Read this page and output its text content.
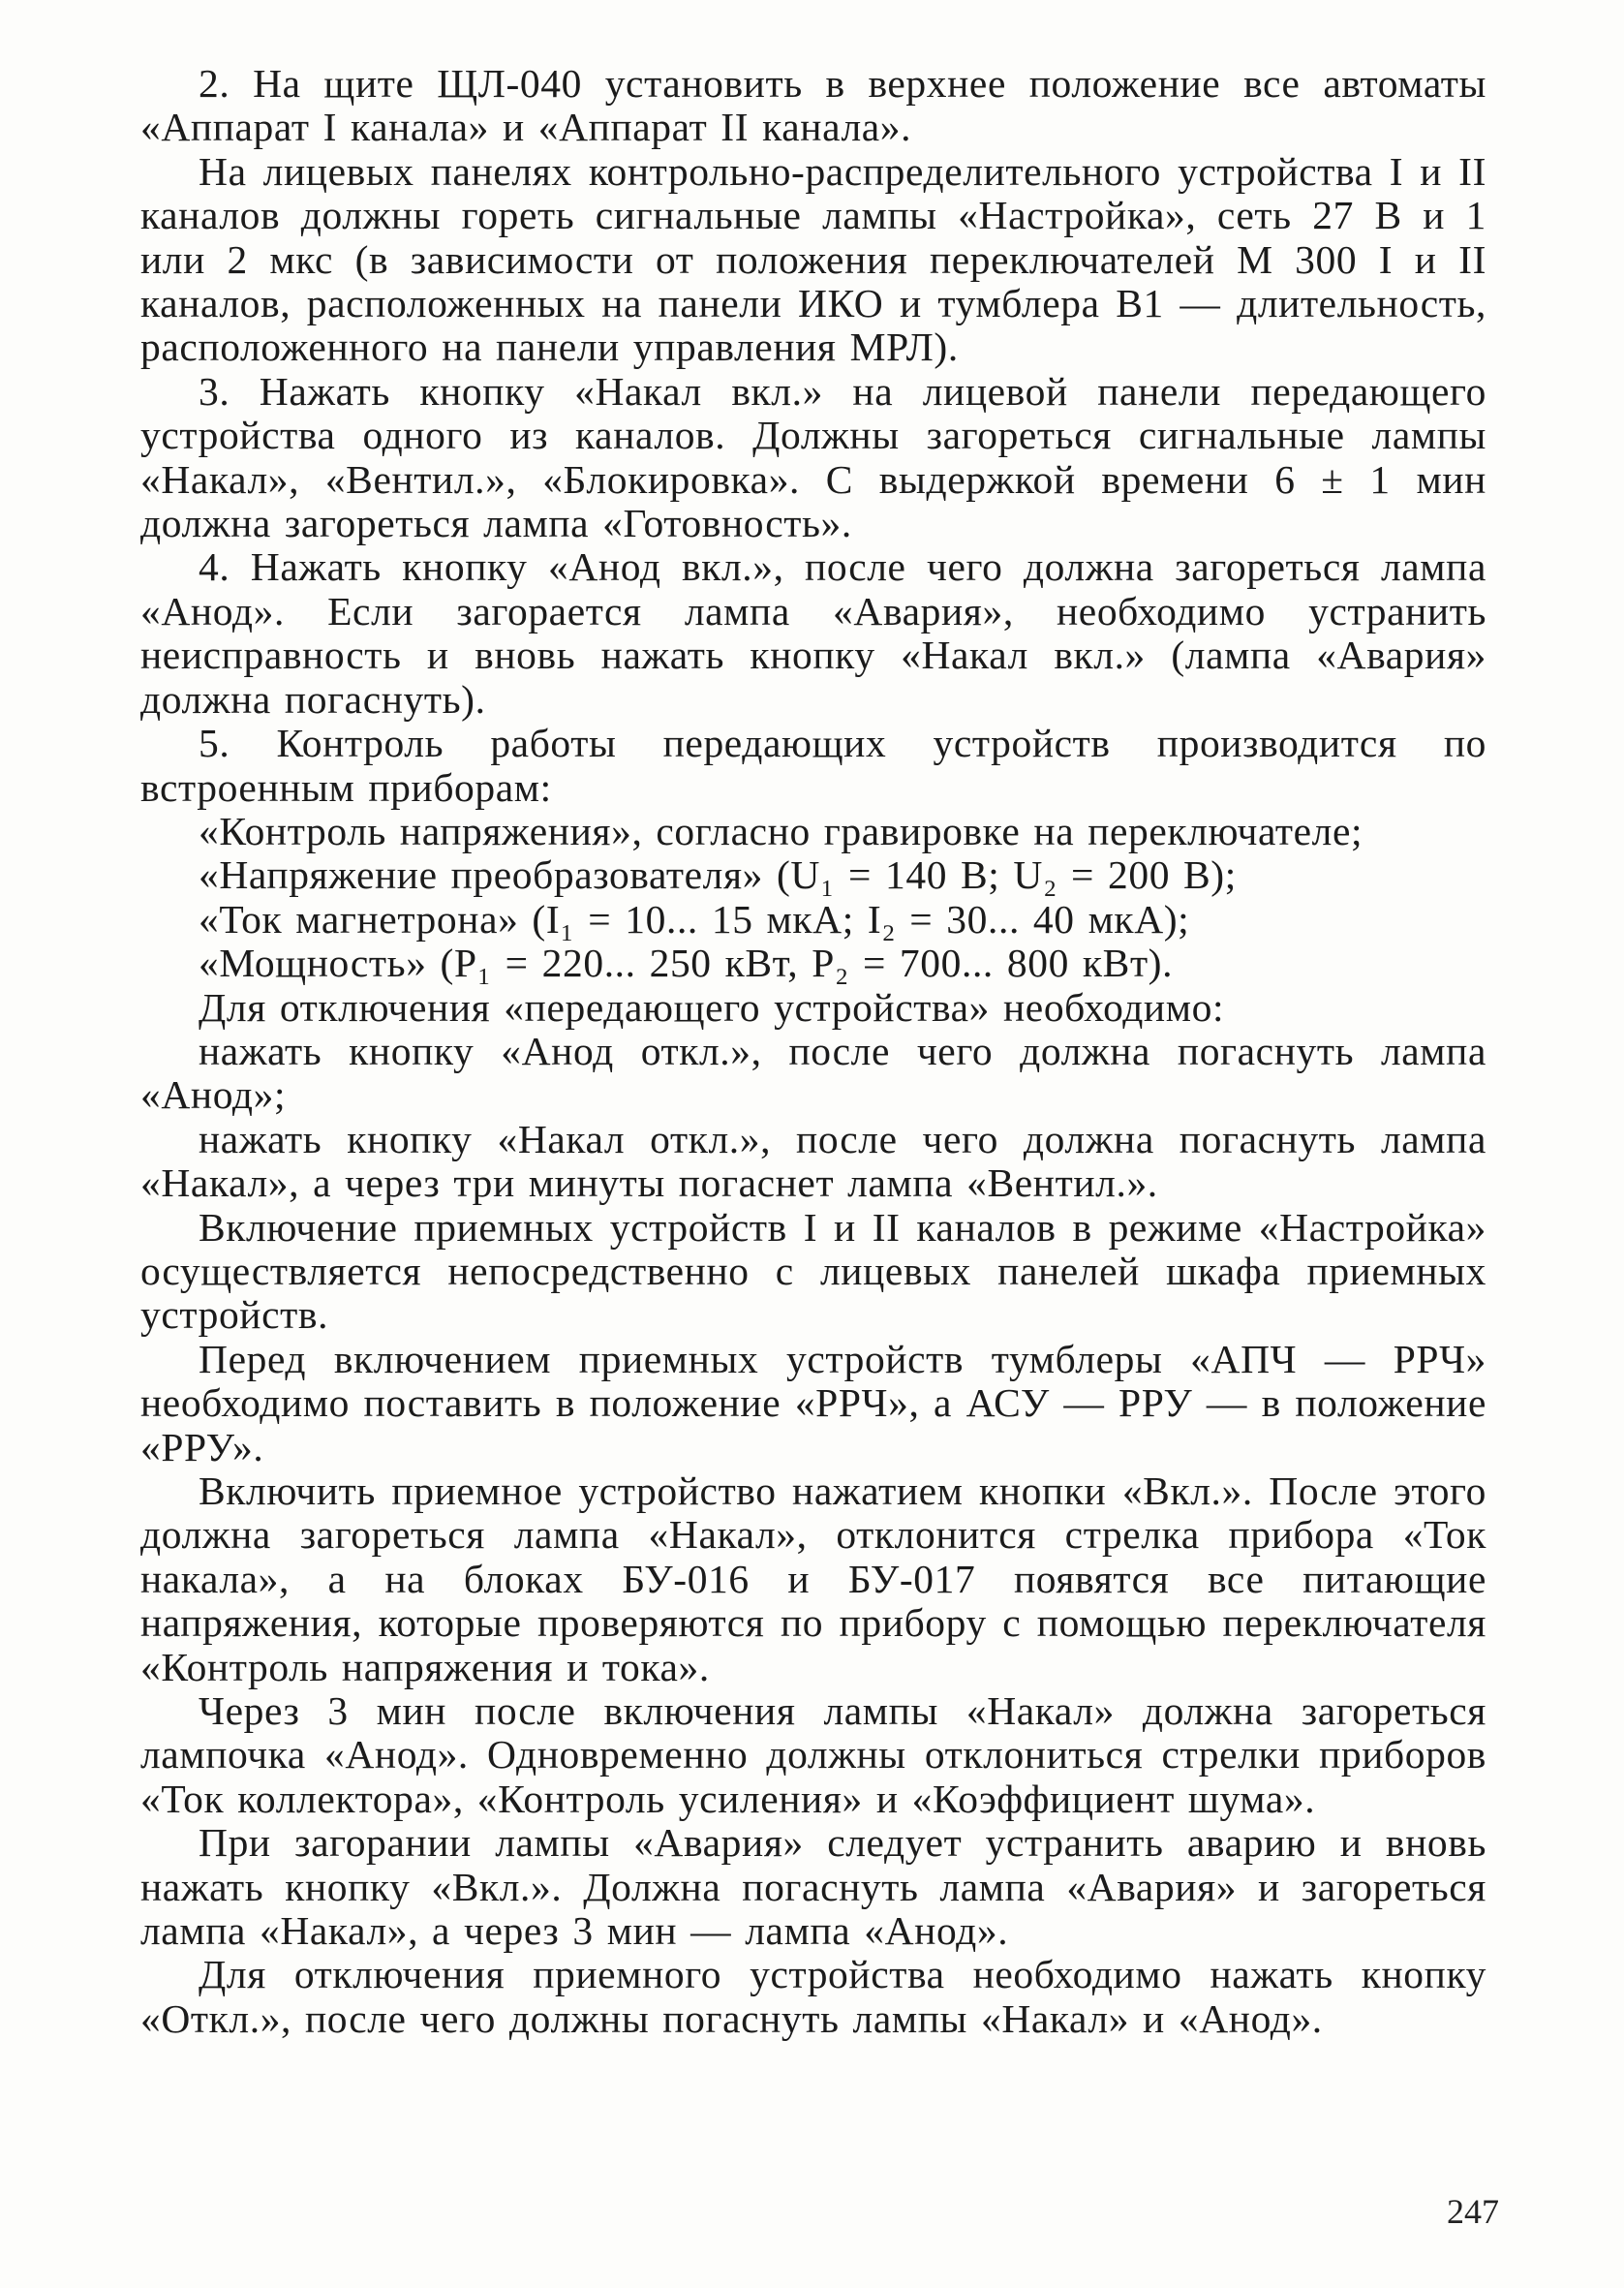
2. На щите ЩЛ-040 установить в верхнее положение все автоматы «Аппарат I канала» и «Аппарат II канала».

На лицевых панелях контрольно-распределительного устройства I и II каналов должны гореть сигнальные лампы «Настройка», сеть 27 В и 1 или 2 мкс (в зависимости от положения переключателей М 300 I и II каналов, расположенных на панели ИКО и тумблера В1 — длительность, расположенного на панели управления МРЛ).

3. Нажать кнопку «Накал вкл.» на лицевой панели передающего устройства одного из каналов. Должны загореться сигнальные лампы «Накал», «Вентил.», «Блокировка». С выдержкой времени 6 ± 1 мин должна загореться лампа «Готовность».

4. Нажать кнопку «Анод вкл.», после чего должна загореться лампа «Анод». Если загорается лампа «Авария», необходимо устранить неисправность и вновь нажать кнопку «Накал вкл.» (лампа «Авария» должна погаснуть).

5. Контроль работы передающих устройств производится по встроенным приборам:

«Контроль напряжения», согласно гравировке на переключателе;

«Напряжение преобразователя» (U₁ = 140 В; U₂ = 200 В);

«Ток магнетрона» (I₁ = 10... 15 мкА; I₂ = 30... 40 мкА);

«Мощность» (P₁ = 220... 250 кВт, P₂ = 700... 800 кВт).

Для отключения «передающего устройства» необходимо:

нажать кнопку «Анод откл.», после чего должна погаснуть лампа «Анод»;

нажать кнопку «Накал откл.», после чего должна погаснуть лампа «Накал», а через три минуты погаснет лампа «Вентил.».

Включение приемных устройств I и II каналов в режиме «Настройка» осуществляется непосредственно с лицевых панелей шкафа приемных устройств.

Перед включением приемных устройств тумблеры «АПЧ — РРЧ» необходимо поставить в положение «РРЧ», а АСУ — РРУ — в положение «РРУ».

Включить приемное устройство нажатием кнопки «Вкл.». После этого должна загореться лампа «Накал», отклонится стрелка прибора «Ток накала», а на блоках БУ-016 и БУ-017 появятся все питающие напряжения, которые проверяются по прибору с помощью переключателя «Контроль напряжения и тока».

Через 3 мин после включения лампы «Накал» должна загореться лампочка «Анод». Одновременно должны отклониться стрелки приборов «Ток коллектора», «Контроль усиления» и «Коэффициент шума».

При загорании лампы «Авария» следует устранить аварию и вновь нажать кнопку «Вкл.». Должна погаснуть лампа «Авария» и загореться лампа «Накал», а через 3 мин — лампа «Анод».

Для отключения приемного устройства необходимо нажать кнопку «Откл.», после чего должны погаснуть лампы «Накал» и «Анод».

247
